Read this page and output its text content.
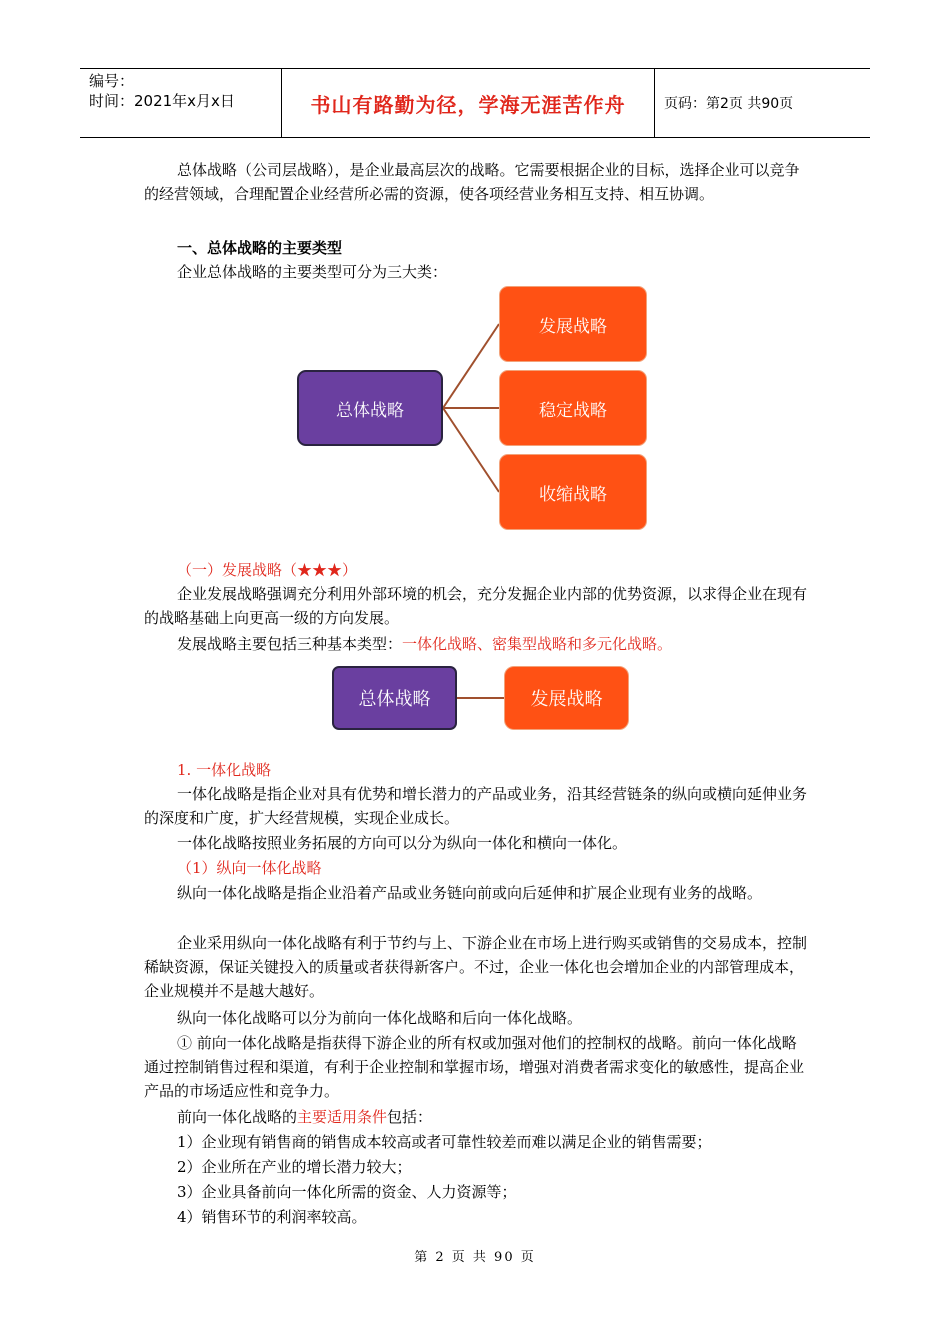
编号：
时间：2021年x月x日	书山有路勤为径，学海无涯苦作舟	页码：第2页 共90页

总体战略（公司层战略），是企业最高层次的战略。它需要根据企业的目标，选择企业可以竞争的经营领域，合理配置企业经营所必需的资源，使各项经营业务相互支持、相互协调。

一、总体战略的主要类型

企业总体战略的主要类型可分为三大类：

总体战略
发展战略
稳定战略
收缩战略

（一）发展战略（★★★）

企业发展战略强调充分利用外部环境的机会，充分发掘企业内部的优势资源，以求得企业在现有的战略基础上向更高一级的方向发展。

发展战略主要包括三种基本类型：一体化战略、密集型战略和多元化战略。

总体战略	发展战略

1. 一体化战略

一体化战略是指企业对具有优势和增长潜力的产品或业务，沿其经营链条的纵向或横向延伸业务的深度和广度，扩大经营规模，实现企业成长。

一体化战略按照业务拓展的方向可以分为纵向一体化和横向一体化。

（1）纵向一体化战略

纵向一体化战略是指企业沿着产品或业务链向前或向后延伸和扩展企业现有业务的战略。

企业采用纵向一体化战略有利于节约与上、下游企业在市场上进行购买或销售的交易成本，控制稀缺资源，保证关键投入的质量或者获得新客户。不过，企业一体化也会增加企业的内部管理成本，企业规模并不是越大越好。

纵向一体化战略可以分为前向一体化战略和后向一体化战略。

① 前向一体化战略是指获得下游企业的所有权或加强对他们的控制权的战略。前向一体化战略通过控制销售过程和渠道，有利于企业控制和掌握市场，增强对消费者需求变化的敏感性，提高企业产品的市场适应性和竞争力。

前向一体化战略的主要适用条件包括：

1）企业现有销售商的销售成本较高或者可靠性较差而难以满足企业的销售需要；

2）企业所在产业的增长潜力较大；

3）企业具备前向一体化所需的资金、人力资源等；

4）销售环节的利润率较高。

第 2 页 共 90 页
